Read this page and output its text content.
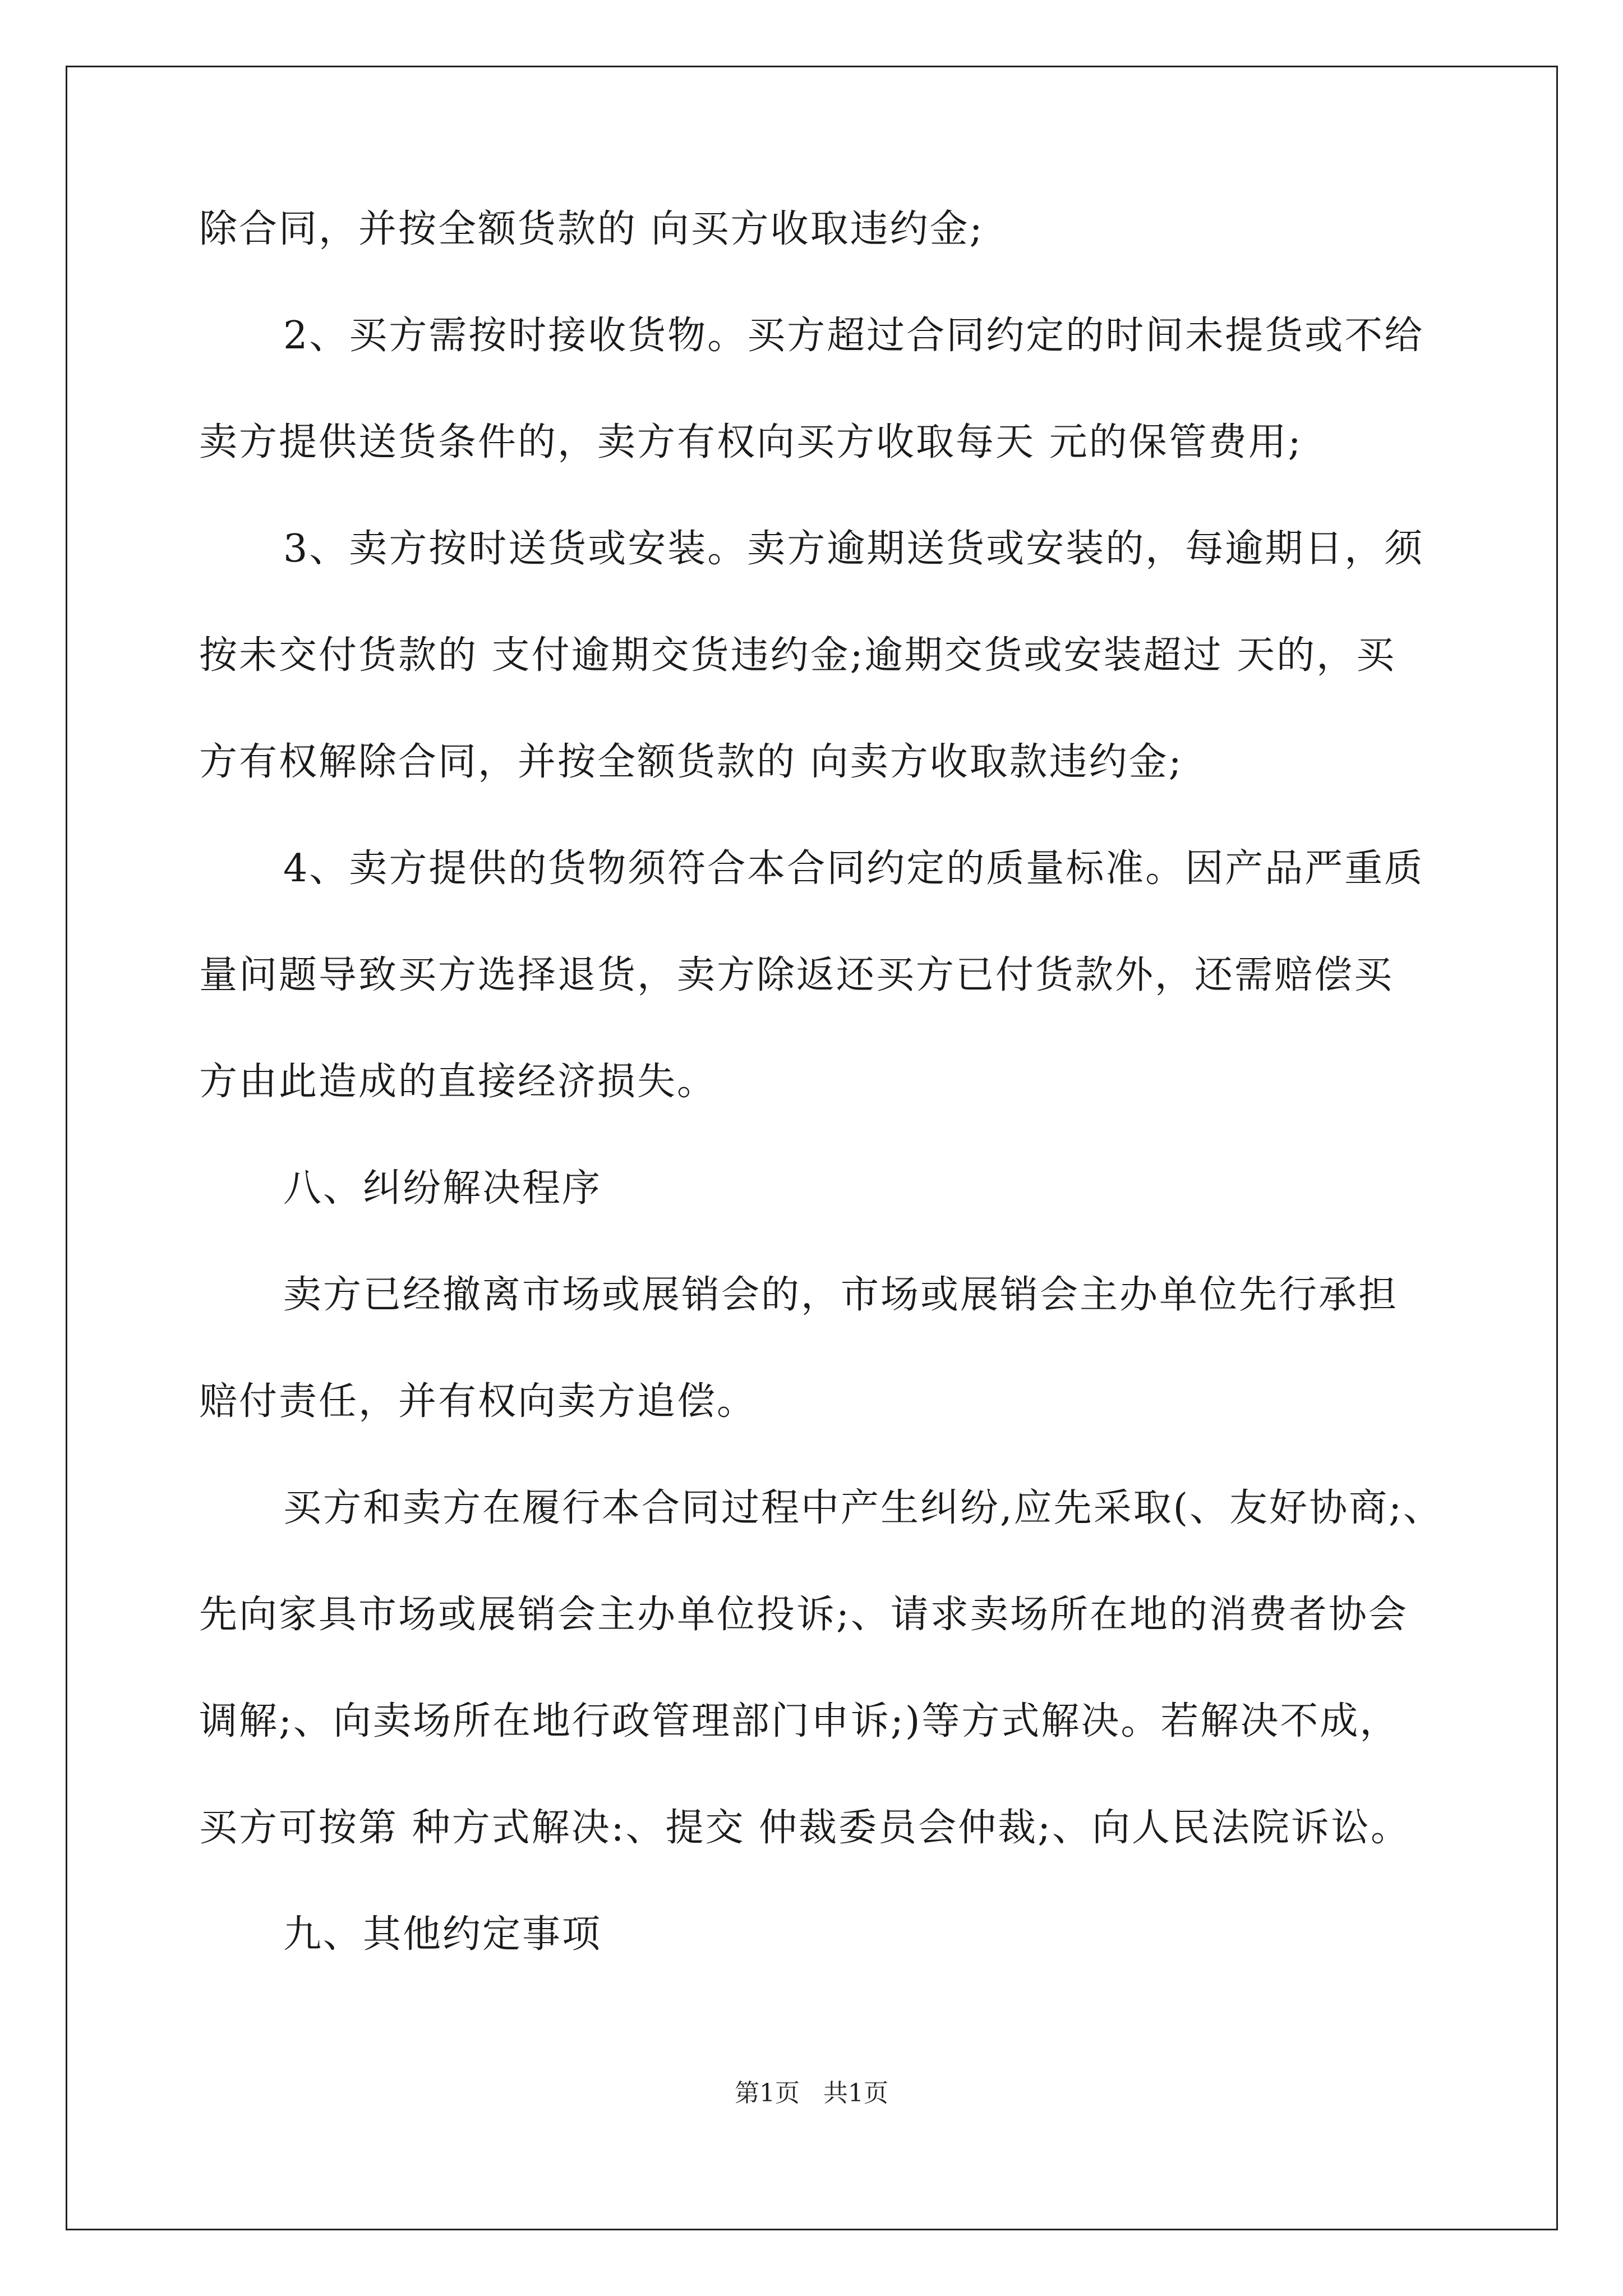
除合同，并按全额货款的 向买方收取违约金;
2、买方需按时接收货物。买方超过合同约定的时间未提货或不给
卖方提供送货条件的，卖方有权向买方收取每天 元的保管费用;
3、卖方按时送货或安装。卖方逾期送货或安装的，每逾期日，须
按未交付货款的 支付逾期交货违约金;逾期交货或安装超过 天的，买
方有权解除合同，并按全额货款的 向卖方收取款违约金;
4、卖方提供的货物须符合本合同约定的质量标准。因产品严重质
量问题导致买方选择退货，卖方除返还买方已付货款外，还需赔偿买
方由此造成的直接经济损失。
八、纠纷解决程序
卖方已经撤离市场或展销会的，市场或展销会主办单位先行承担
赔付责任，并有权向卖方追偿。
买方和卖方在履行本合同过程中产生纠纷,应先采取(、友好协商;、
先向家具市场或展销会主办单位投诉;、请求卖场所在地的消费者协会
调解;、向卖场所在地行政管理部门申诉;)等方式解决。若解决不成，
买方可按第 种方式解决:、提交 仲裁委员会仲裁;、向人民法院诉讼。
九、其他约定事项
第1页   共1页
